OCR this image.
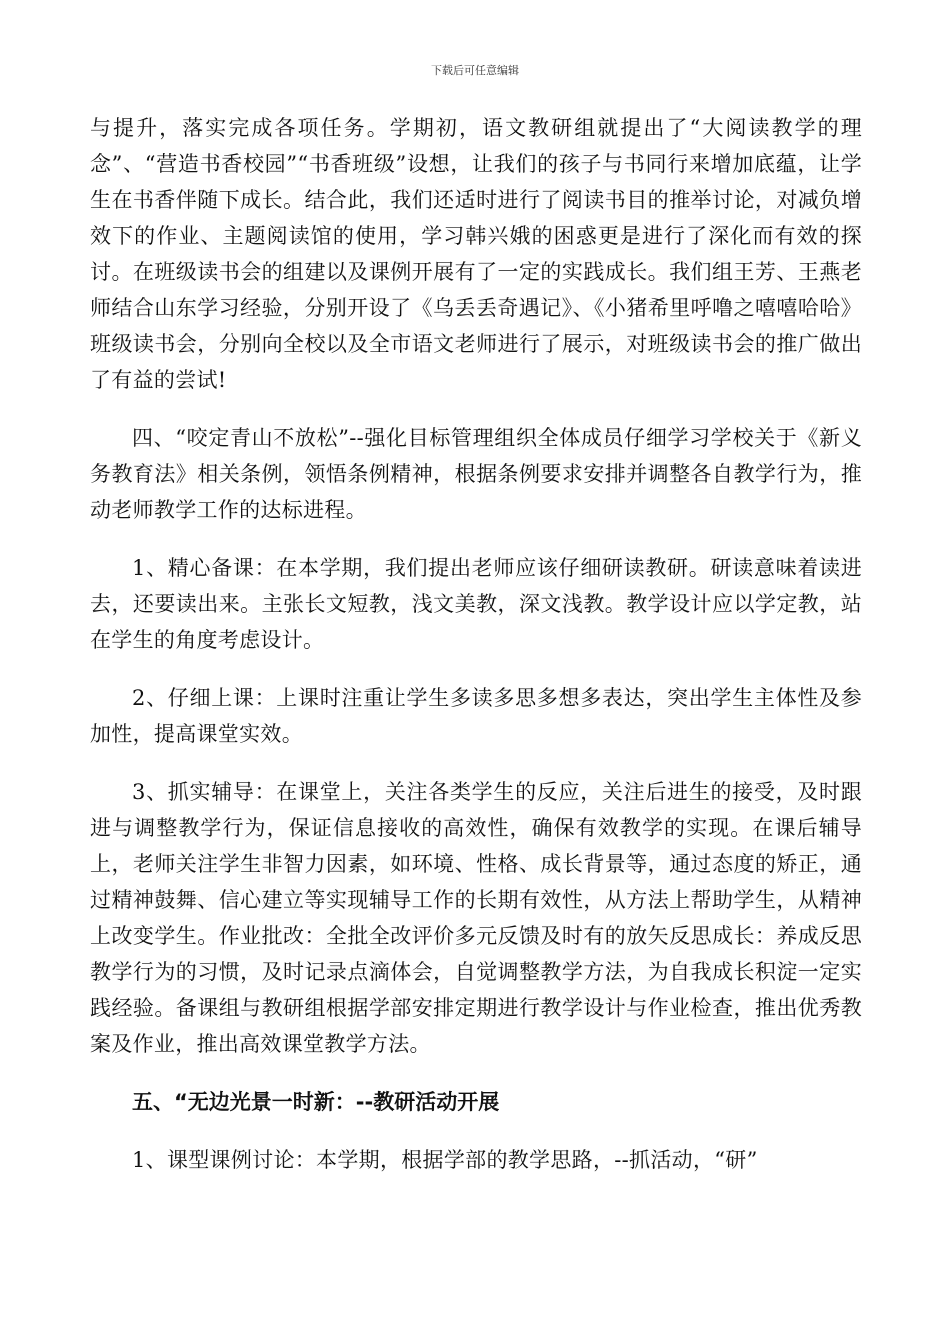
下载后可任意编辑

与提升，落实完成各项任务。学期初，语文教研组就提出了“大阅读教学的理念”、“营造书香校园”“书香班级”设想，让我们的孩子与书同行来增加底蕴，让学生在书香伴随下成长。结合此，我们还适时进行了阅读书目的推举讨论，对减负增效下的作业、主题阅读馆的使用，学习韩兴娥的困惑更是进行了深化而有效的探讨。在班级读书会的组建以及课例开展有了一定的实践成长。我们组王芳、王燕老师结合山东学习经验，分别开设了《乌丢丢奇遇记》、《小猪希里呼噜之嘻嘻哈哈》班级读书会，分别向全校以及全市语文老师进行了展示，对班级读书会的推广做出了有益的尝试!

四、“咬定青山不放松”--强化目标管理组织全体成员仔细学习学校关于《新义务教育法》相关条例，领悟条例精神，根据条例要求安排并调整各自教学行为，推动老师教学工作的达标进程。

1、精心备课：在本学期，我们提出老师应该仔细研读教研。研读意味着读进去，还要读出来。主张长文短教，浅文美教，深文浅教。教学设计应以学定教，站在学生的角度考虑设计。

2、仔细上课：上课时注重让学生多读多思多想多表达，突出学生主体性及参加性，提高课堂实效。

3、抓实辅导：在课堂上，关注各类学生的反应，关注后进生的接受，及时跟进与调整教学行为，保证信息接收的高效性，确保有效教学的实现。在课后辅导上，老师关注学生非智力因素，如环境、性格、成长背景等，通过态度的矫正，通过精神鼓舞、信心建立等实现辅导工作的长期有效性，从方法上帮助学生，从精神上改变学生。作业批改：全批全改评价多元反馈及时有的放矢反思成长：养成反思教学行为的习惯，及时记录点滴体会，自觉调整教学方法，为自我成长积淀一定实践经验。备课组与教研组根据学部安排定期进行教学设计与作业检查，推出优秀教案及作业，推出高效课堂教学方法。

五、“无边光景一时新：--教研活动开展

1、课型课例讨论：本学期，根据学部的教学思路，--抓活动，“研”
